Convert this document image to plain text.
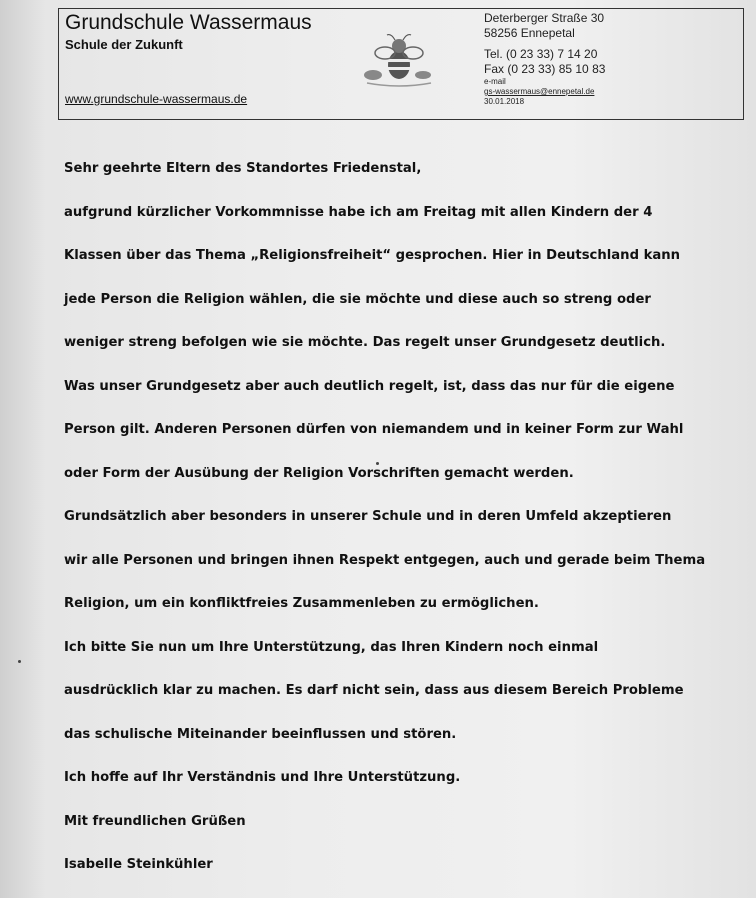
Grundschule Wassermaus
Schule der Zukunft
www.grundschule-wassermaus.de
Deterberger Straße 30
58256 Ennepetal
Tel. (0 23 33) 7 14 20
Fax (0 23 33) 85 10 83
e-mail
gs-wassermaus@ennepetal.de
30.01.2018

Sehr geehrte Eltern des Standortes Friedenstal,

aufgrund kürzlicher Vorkommnisse habe ich am Freitag mit allen Kindern der 4

Klassen über das Thema „Religionsfreiheit“ gesprochen. Hier in Deutschland kann

jede Person die Religion wählen, die sie möchte und diese auch so streng oder

weniger streng befolgen wie sie möchte. Das regelt unser Grundgesetz deutlich.

Was unser Grundgesetz aber auch deutlich regelt, ist, dass das nur für die eigene

Person gilt. Anderen Personen dürfen von niemandem und in keiner Form zur Wahl

oder Form der Ausübung der Religion Vorschriften gemacht werden.

Grundsätzlich aber besonders in unserer Schule und in deren Umfeld akzeptieren

wir alle Personen und bringen ihnen Respekt entgegen, auch und gerade beim Thema

Religion, um ein konfliktfreies Zusammenleben zu ermöglichen.

Ich bitte Sie nun um Ihre Unterstützung, das Ihren Kindern noch einmal

ausdrücklich klar zu machen. Es darf nicht sein, dass aus diesem Bereich Probleme

das schulische Miteinander beeinflussen und stören.

Ich hoffe auf Ihr Verständnis und Ihre Unterstützung.

Mit freundlichen Grüßen

Isabelle Steinkühler
